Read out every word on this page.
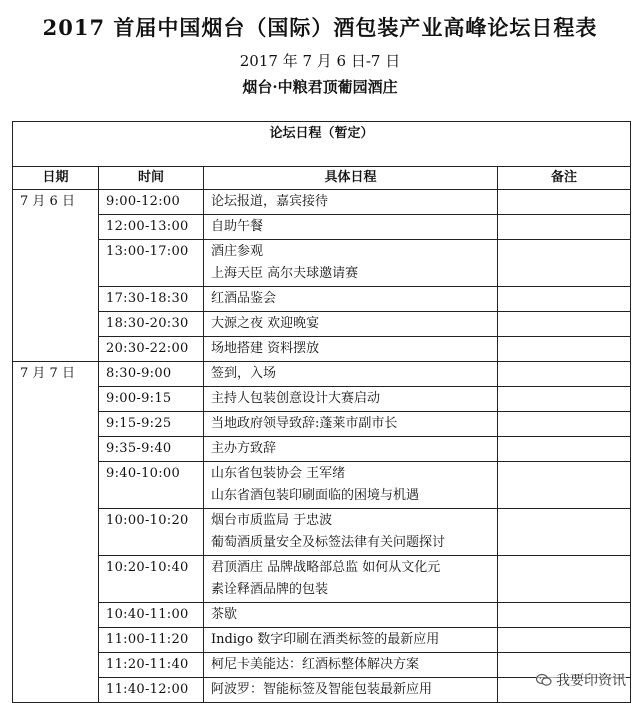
2017 首届中国烟台（国际）酒包装产业高峰论坛日程表
2017 年 7 月 6 日-7 日
烟台·中粮君顶葡园酒庄
论坛日程（暂定）			
日期	时间	具体日程	备注
7 月 6 日	9:00-12:00	论坛报道，嘉宾接待	

	12:00-13:00	自助午餐	

	13:00-17:00	酒庄参观
上海天臣 高尔夫球邀请赛	

	17:30-18:30	红酒品鉴会	

	18:30-20:30	大源之夜 欢迎晚宴	

	20:30-22:00	场地搭建 资料摆放	

7 月 7 日	8:30-9:00	签到，入场	

	9:00-9:15	主持人包装创意设计大赛启动	

	9:15-9:25	当地政府领导致辞:蓬莱市副市长	

	9:35-9:40	主办方致辞	

	9:40-10:00	山东省包装协会 王军绪
山东省酒包装印刷面临的困境与机遇	

	10:00-10:20	烟台市质监局 于忠波
葡萄酒质量安全及标签法律有关问题探讨	

	10:20-10:40	君顶酒庄 品牌战略部总监 如何从文化元
素诠释酒品牌的包装	

	10:40-11:00	茶歇	

	11:00-11:20	Indigo 数字印刷在酒类标签的最新应用	

	11:20-11:40	柯尼卡美能达：红酒标整体解决方案	

	11:40-12:00	阿波罗：智能标签及智能包装最新应用	

我要印资讯
